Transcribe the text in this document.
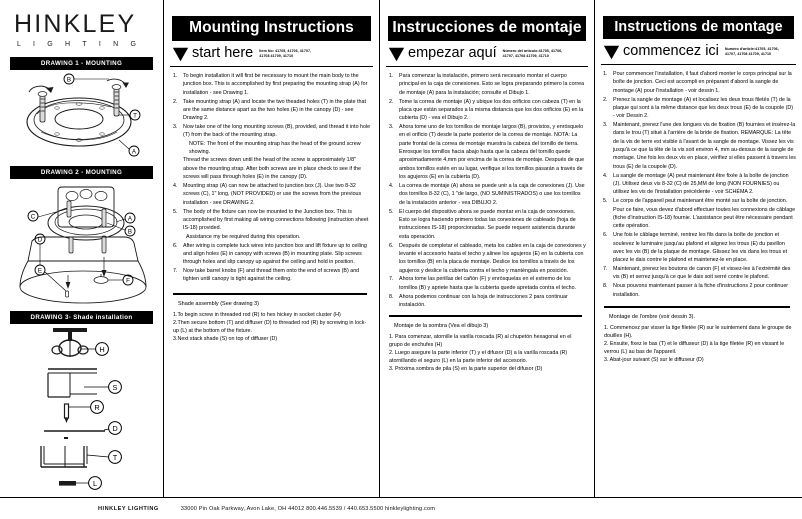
HINKLEY
L I G H T I N G
DRAWING 1 - MOUNTING
B
T
A
DRAWING 2 - MOUNTING
C	A
B
D
E
F
DRAWING 3- Shade installation
H
S
R
D
T
L
Mounting Instructions
start here Item No: 41705, 41706, 41707, 41708 41709, 41710
To begin installation it will first be necessary to mount the main body to the junction box. This is accomplished by first preparing the mounting strap (A) for installation - see Drawing 1.
Take mounting strap (A) and locate the two theaded holes (T) in the plate that are the same distance apart as the two holes (E) in the canopy (D) - see Drawing 2.
Now take one of the long mounting screws (B), provided, and thread it into hole (T) from the back of the mounting strap.
NOTE: The front of the mounting strap has the head of the ground screw showing.
Thread the screws down until the head of the screw is approximately 1/8" above the mounting strap. After both screws are in place check to see if the screws will pass through holes (E) in the canopy (D).
Mounting strap (A) can now be attached to junction box (J). Use two 8-32 screws (C), 1" long, (NOT PROVIDED) or use the screws from the previous installation - see DRAWING 2.
The body of the fixture can now be mounted to the Junction box. This is accomplished by first making all wiring connections following (instruction sheet IS-18) provided.
Assistance my be required during this operation.
After wiring is complete tuck wires into junction box and lift fixture up to ceiling and align holes (E) in canopy with screws (B) in mounting plate. Slip screws through holes and slip canopy up against the ceiling and hold in position.
Now take barrel knobs (F) and thread them onto the end of screws (B) and tighten until canopy is tight against the ceiling.
Shade assembly (See drawing 3)

1.To begin screw in threaded rod (R) to hex hickey in socket cluster (H)

2.Then secure bottom (T) and diffuser (D) to threaded rod (R) by screwing in lock-up (L) at the bottom of the fixture.

3.Next stack shade (S) on top of diffuser (D)

Instrucciones de montaje
empezar aquí Número del artículo:41705, 41706, 41707, 41708 41709, 41710
Para comenzar la instalación, primero será necesario montar el cuerpo principal en la caja de conexiones. Esto se logra preparando primero la correa de montaje (A) para la instalación; consulte el Dibujo 1.
Tome la correa de montaje (A) y ubique los dos orificios con cabeza (T) en la placa que están separados a la misma distancia que los dos orificios (E) en la cubierta (D) - vea el Dibujo 2.
Ahora tome uno de los tornillos de montaje largos (B), provistos, y enrósquelo en el orificio (T) desde la parte posterior de la correa de montaje. NOTA: La parte frontal de la correa de montaje muestra la cabeza del tornillo de tierra.
Enrosque los tornillos hacia abajo hasta que la cabeza del tornillo quede
aproximadamente 4,mm por encima de la correa de montaje. Después de que ambos tornillos estén en su lugar, verifique si los tornillos pasarán a través de los agujeros (E) en la cubierta (D).
La correa de montaje (A) ahora se puede unir a la caja de conexiones (J). Use dos tornillos 8-32 (C), 1 "de largo, (NO SUMINISTRADOS) o use los tornillos de la instalación anterior - vea DIBUJO 2.
El cuerpo del dispositivo ahora se puede montar en la caja de conexiones. Esto se logra haciendo primero todas las conexiones de cableado (hoja de instrucciones IS-18) proporcionadas. Se puede requerir asistencia durante esta operación.
Después de completar el cableado, meta los cables en la caja de conexiones y levante el accesorio hasta el techo y alinee los agujeros (E) en la cubierta con los tornillos (B) en la placa de montaje. Deslice los tornillos a través de los agujeros y deslice la cubierta contra el techo y manténgala en posición.
Ahora tome las perillas del cañón (F) y enrósquelas en el extremo de los tornillos (B) y apriete hasta que la cubierta quede apretada contra el techo.
Ahora podemos continuar con la hoja de instrucciones 2 para continuar instalación.
Montaje de la sombra (Vea el dibujo 3)

1. Para comenzar, atornille la varilla roscada (R) al chupetón hexagonal en el grupo de enchufes (H)

2. Luego asegure la parte inferior (T) y el difusor (D) a la varilla roscada (R) atornillando el seguro (L) en la parte inferior del accesorio.

3. Próxima sombra de pila (S) en la parte superior del difusor (D)

Instructions de montage
commencez ici Numéro d'article:41705, 41706, 41707, 41708 41709, 41710
Pour commencer l'installation, il faut d'abord monter le corps principal sur la boîte de jonction. Ceci est accompli en préparant d'abord la sangle de montage (A) pour l'installation - voir dessin 1.
Prenez la sangle de montage (A) et localisez les deux trous filetés (T) de la plaque qui sont à la même distance que les deux trous (E) de la coupole (D) - voir Dessin 2.
Maintenant, prenez l'une des longues vis de fixation (B) fournies et insérez-la dans le trou (T) situé à l'arrière de la bride de fixation. REMARQUE: La tête de la vis de terre est visible à l'avant de la sangle de montage. Vissez les vis jusqu'à ce que la tête de la vis soit environ 4, mm au-dessus de la sangle de montage. Une fois les deux vis en place, vérifiez si elles passent à travers les trous (E) de la coupole (D).
La sangle de montage (A) peut maintenant être fixée à la boîte de jonction (J). Utilisez deux vis 8-32 (C) de 25,MM de long (NON FOURNIES) ou utilisez les vis de l'installation précédente - voir SCHÉMA 2.
Le corps de l'appareil peut maintenant être monté sur la boîte de jonction. Pour ce faire, vous devez d'abord effectuer toutes les connexions de câblage (fiche d'instruction IS-18) fournie. L'assistance peut être nécessaire pendant cette opération.
Une fois le câblage terminé, rentrez les fils dans la boîte de jonction et soulevez le luminaire jusqu'au plafond et alignez les trous (E) du pavillon avec les vis (B) de la plaque de montage. Glissez les vis dans les trous et placez le dais contre le plafond et maintenez-le en place.
Maintenant, prenez les boutons de canon (F) et vissez-les à l'extrémité des vis (B) et serrez jusqu'à ce que le dais soit serré contre le plafond.
Nous pouvons maintenant passer à la fiche d'instructions 2 pour continuer installation.
Montage de l'ombre (voir dessin 3).

1. Commencez par visser la tige filetée (R) sur le suintement dans le groupe de douilles (H).

2. Ensuite, fixez le bas (T) et le diffuseur (D) à la tige filetée (R) en vissant le verrou (L) au bas de l'appareil.

3. Abat-jour suivant (S) sur le diffuseur (D)

HINKLEY LIGHTING	33000 Pin Oak Parkway, Avon Lake, OH 44012 800.446.5539 / 440.653.5500 hinkleylighting.com
